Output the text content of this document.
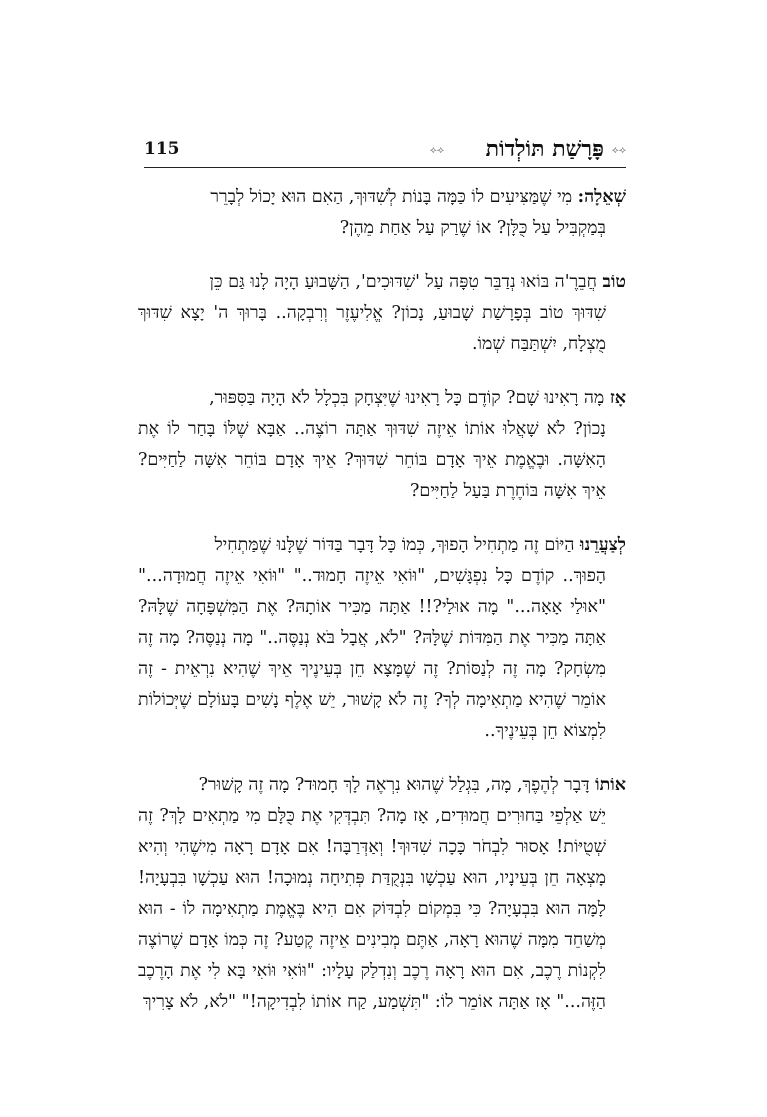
115	⟡⟢ פָּרָשַׁת תּוֹלְדוֹת ⟡⟢

שְׁאֵלָה: מִי שֶׁמַּצִּיעִים לוֹ כַּמָּה בָּנוֹת לְשִׁדּוּךְ, הַאִם הוּא יָכוֹל לְבָרֵר
בְּמַקְבִּיל עַל כֻּלָּן? אוֹ שֶׁרַק עַל אַחַת מֵהֶן?

טוֹב חֲבֵרֶ'ה בּוֹאוּ נְדַבֵּר טִפָּה עַל 'שִׁדּוּכִים', הַשָּׁבוּעַ הָיָה לָנוּ גַּם כֵּן
שִׁדּוּךְ טוֹב בְּפָרָשַׁת שָׁבוּעַ, נָכוֹן? אֱלִיעֶזֶר וְרִבְקָה.. בָּרוּךְ ה' יָצָא שִׁדּוּךְ מֻצְלָח, יִשְׁתַּבַּח שְׁמוֹ.

אָז מָה רָאִינוּ שָׁם? קוֹדֶם כָּל רָאִינוּ שֶׁיִּצְחָק בִּכְלָל לֹא הָיָה בַּסִּפּוּר,
נָכוֹן? לֹא שָׁאֲלוּ אוֹתוֹ אֵיזֶה שִׁדּוּךְ אַתָּה רוֹצֶה.. אַבָּא שֶׁלּוֹ בָּחַר לוֹ אֶת הָאִשָּׁה. וּבֶאֱמֶת אֵיךְ אָדָם בּוֹחֵר שִׁדּוּךְ? אֵיךְ אָדָם בּוֹחֵר אִשָּׁה לַחַיִּים? אֵיךְ אִשָּׁה בּוֹחֶרֶת בַּעַל לַחַיִּים?

לְצַעֲרֵנוּ הַיּוֹם זֶה מַתְחִיל הָפוּךְ, כְּמוֹ כָּל דָּבָר בַּדּוֹר שֶׁלָּנוּ שֶׁמַּתְחִיל
הָפוּךְ.. קוֹדֶם כָּל נִפְגָּשִׁים, "וּוֹאִי אֵיזֶה חָמוּד.." "וּוֹאִי אֵיזֶה חֲמוּדָה..." "אוּלַי אָאָה..." מָה אוּלַי?!! אַתָּה מַכִּיר אוֹתָהּ? אֶת הַמִּשְׁפָּחָה שֶׁלָּהּ? אַתָּה מַכִּיר אֶת הַמִּדּוֹת שֶׁלָּהּ? "לֹא, אֲבָל בֹּא נְנַסֶּה.." מָה נְנַסֶּה? מָה זֶה מִשְׂחָק? מָה זֶה לְנַסּוֹת? זֶה שֶׁמָּצָא חֵן בְּעֵינֶיךָ אֵיךְ שֶׁהִיא נִרְאֵית - זֶה אוֹמֵר שֶׁהִיא מַתְאִימָה לְךָ? זֶה לֹא קָשׁוּר, יֵשׁ אֶלֶף נָשִׁים בָּעוֹלָם שֶׁיְּכוֹלוֹת לִמְצוֹא חֵן בְּעֵינֶיךָ..

אוֹתוֹ דָּבָר לְהֶפֶךְ, מָה, בִּגְלַל שֶׁהוּא נִרְאֶה לָךְ חָמוּד? מָה זֶה קָשׁוּר?
יֵשׁ אַלְפֵי בַּחוּרִים חֲמוּדִים, אָז מָה? תִּבְדְּקִי אֶת כֻּלָּם מִי מַתְאִים לָךְ? זֶה שְׁטֻיּוֹת! אָסוּר לִבְחֹר כָּכָה שִׁדּוּךְ! וְאַדְּרַבָּה! אִם אָדָם רָאָה מִישֶׁהִי וְהִיא מָצְאָה חֵן בְּעֵינָיו, הוּא עַכְשָׁו בִּנְקֻדַּת פְּתִיחָה נְמוּכָה! הוּא עַכְשָׁו בִּבְעָיָה! לָמָּה הוּא בִּבְעָיָה? כִּי בִּמְקוֹם לִבְדּוֹק אִם הִיא בֶּאֱמֶת מַתְאִימָה לוֹ - הוּא מְשַׁחֵד מִמָּה שֶׁהוּא רָאָה, אַתֶּם מְבִינִים אֵיזֶה קֶטַע? זֶה כְּמוֹ אָדָם שֶׁרוֹצֶה לִקְנוֹת רֶכֶב, אִם הוּא רָאָה רֶכֶב וְנִדְלַק עָלָיו: "וּוֹאִי וּוֹאִי בָּא לִי אֶת הָרֶכֶב הַזֶּה..." אָז אַתָּה אוֹמֵר לוֹ: "תִּשְׁמַע, קַח אוֹתוֹ לִבְדִיקָה!" "לֹא, לֹא צָרִיךְ
